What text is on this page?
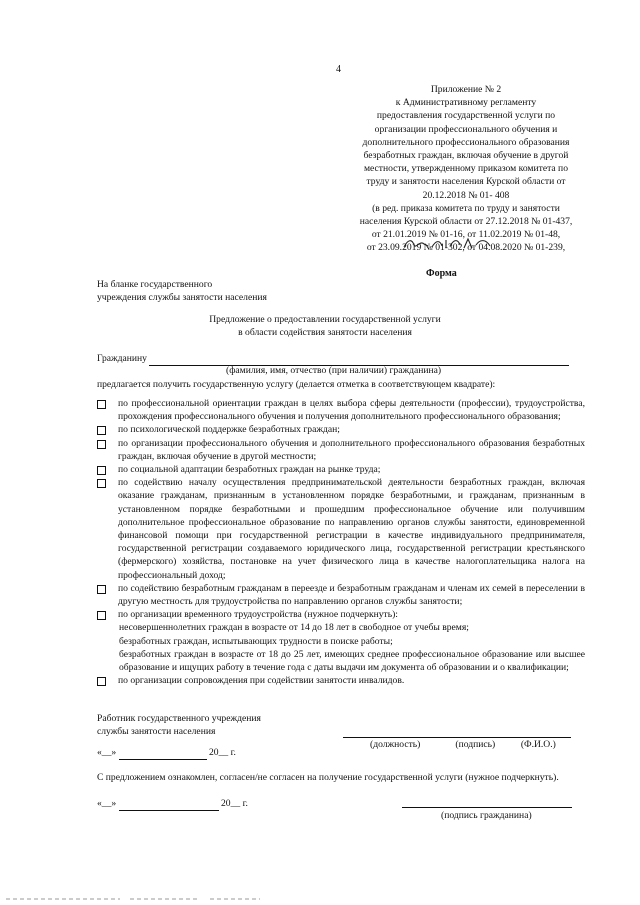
4
Приложение № 2
к Административному регламенту
предоставления государственной услуги по
организации профессионального обучения и
дополнительного профессионального образования
безработных граждан, включая обучение в другой
местности, утвержденному приказом комитета по
труду и занятости населения Курской области от
20.12.2018 № 01- 408
(в ред. приказа комитета по труду и занятости
населения Курской области от 27.12.2018 № 01-437,
от 21.01.2019 № 01-16, от 11.02.2019 № 01-48,
от 23.09.2019 № 01-302, от 04.08.2020 № 01-239,
Форма
На бланке государственного
учреждения службы занятости населения
Предложение о предоставлении государственной услуги
в области содействия занятости населения
Гражданину
(фамилия, имя, отчество (при наличии) гражданина)
предлагается получить государственную услугу (делается отметка в соответствующем квадрате):
по профессиональной ориентации граждан в целях выбора сферы деятельности (профессии), трудоустройства, прохождения профессионального обучения и получения дополнительного профессионального образования;
по психологической поддержке безработных граждан;
по организации профессионального обучения и дополнительного профессионального образования безработных граждан, включая обучение в другой местности;
по социальной адаптации безработных граждан на рынке труда;
по содействию началу осуществления предпринимательской деятельности безработных граждан, включая оказание гражданам, признанным в установленном порядке безработными, и гражданам, признанным в установленном порядке безработными и прошедшим профессиональное обучение или получившим дополнительное профессиональное образование по направлению органов службы занятости, единовременной финансовой помощи при государственной регистрации в качестве индивидуального предпринимателя, государственной регистрации создаваемого юридического лица, государственной регистрации крестьянского (фермерского) хозяйства, постановке на учет физического лица в качестве налогоплательщика налога на профессиональный доход;
по содействию безработным гражданам в переезде и безработным гражданам и членам их семей в переселении в другую местность для трудоустройства по направлению органов службы занятости;
по организации временного трудоустройства (нужное подчеркнуть):
несовершеннолетних граждан в возрасте от 14 до 18 лет в свободное от учебы время;
безработных граждан, испытывающих трудности в поиске работы;
безработных граждан в возрасте от 18 до 25 лет, имеющих среднее профессиональное образование или высшее образование и ищущих работу в течение года с даты выдачи им документа об образовании и о квалификации;
по организации сопровождения при содействии занятости инвалидов.
Работник государственного учреждения
службы занятости населения
(должность)	(подпись)	(Ф.И.О.)
«__»	20__ г.
С предложением ознакомлен, согласен/не согласен на получение государственной услуги (нужное подчеркнуть).
«__»	20__ г.
(подпись гражданина)
